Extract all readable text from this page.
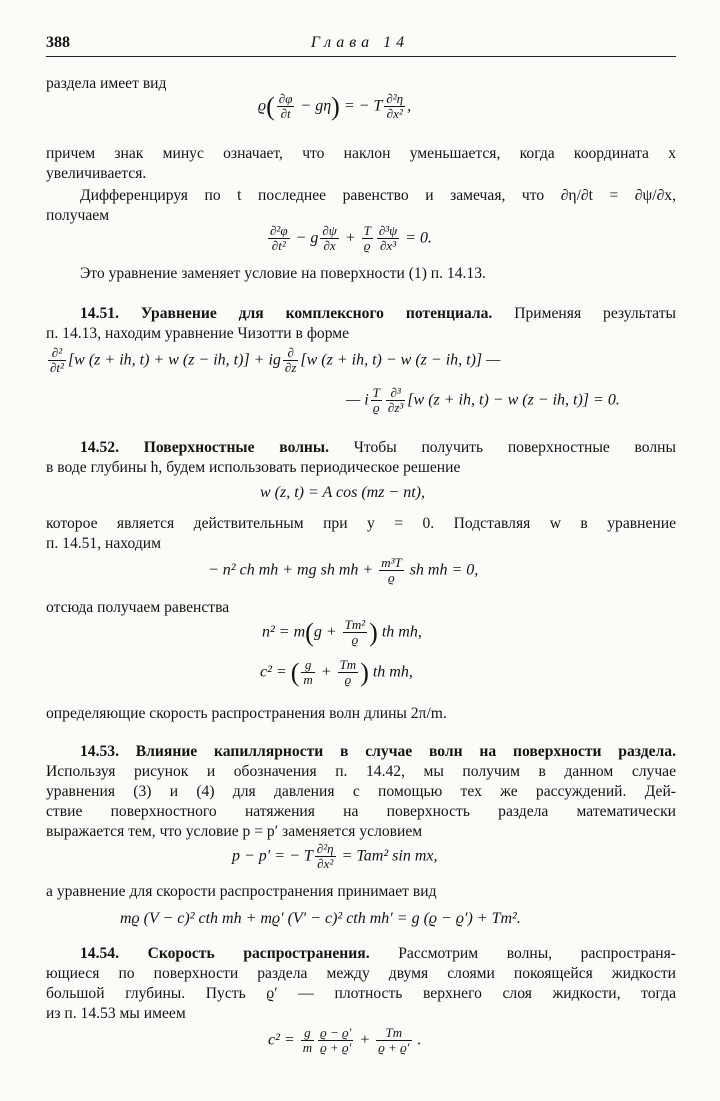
388	Глава 14
раздела имеет вид
$ϱ( \frac{\partial\varphi}{\partial t} - g\eta)$ = − T $\frac{\text{∂²η}}{\text{∂x²}}$ ,
причем знак минус означает, что наклон уменьшается, когда координата x
увеличивается.
Дифференцируя по t последнее равенство и замечая, что ∂η/∂t = ∂ψ/∂x,
получаем
$\frac{\text{∂²φ}}{\text{∂t²}} - g \frac{\partial\psi}{\partial x} + \frac{T}{ϱ} \frac{\text{∂³ψ}}{\text{∂x³}} = 0$.
Это уравнение заменяет условие на поверхности (1) п. 14.13.
14.51. Уравнение для комплексного потенциала. Применяя результаты
п. 14.13, находим уравнение Чизотти в форме
$\frac{\text{∂²}}{\text{∂t²}} [w$ (z + ih, t) + w (z − ih, t)] + ig $\frac{\partial}{\partial z} [w$ (z + ih, t) − w (z − ih, t)] —
— i $\frac{T}{ϱ} \frac{\text{∂³}}{\text{∂z³}} [w$ (z + ih, t) − w (z − ih, t)] = 0.
14.52. Поверхностные волны. Чтобы получить поверхностные волны
в воде глубины h, будем использовать периодическое решение
w (z, t) = A cos (mz − nt),
которое является действительным при y = 0. Подставляя w в уравнение
п. 14.51, находим
− n² ch mh + mg sh mh + $\frac{\text{m³T}}{ϱ}$ sh mh = 0,
отсюда получаем равенства
$n^2 = m(g + \frac{\text{Tm²}}{ϱ}$ ) th mh,
c² = ( $\frac{g}{m} + \frac{Tm}{ϱ}$ ) th mh,
определяющие скорость распространения волн длины 2π/m.
14.53. Влияние капиллярности в случае волн на поверхности раздела.
Используя рисунок и обозначения п. 14.42, мы получим в данном случае
уравнения (3) и (4) для давления с помощью тех же рассуждений. Дей-
ствие поверхностного натяжения на поверхность раздела математически
выражается тем, что условие p = p′ заменяется условием
p − p′ = − T $\frac{\text{∂²η}}{\text{∂x²}} = Tam^2$ sin mx,
а уравнение для скорости распространения принимает вид
mϱ (V − c)² cth mh + mϱ′ (V′ − c)² cth mh′ = g (ϱ − ϱ′) + Tm².
14.54. Скорость распространения. Рассмотрим волны, распространя-
ющиеся по поверхности раздела между двумя слоями покоящейся жидкости
большой глубины. Пусть ϱ′ — плотность верхнего слоя жидкости, тогда
из п. 14.53 мы имеем
$c^2 = \frac{g}{m} \frac{ϱ - ϱ'}{ϱ + ϱ'} + \frac{Tm}{ϱ + ϱ'}$ .
